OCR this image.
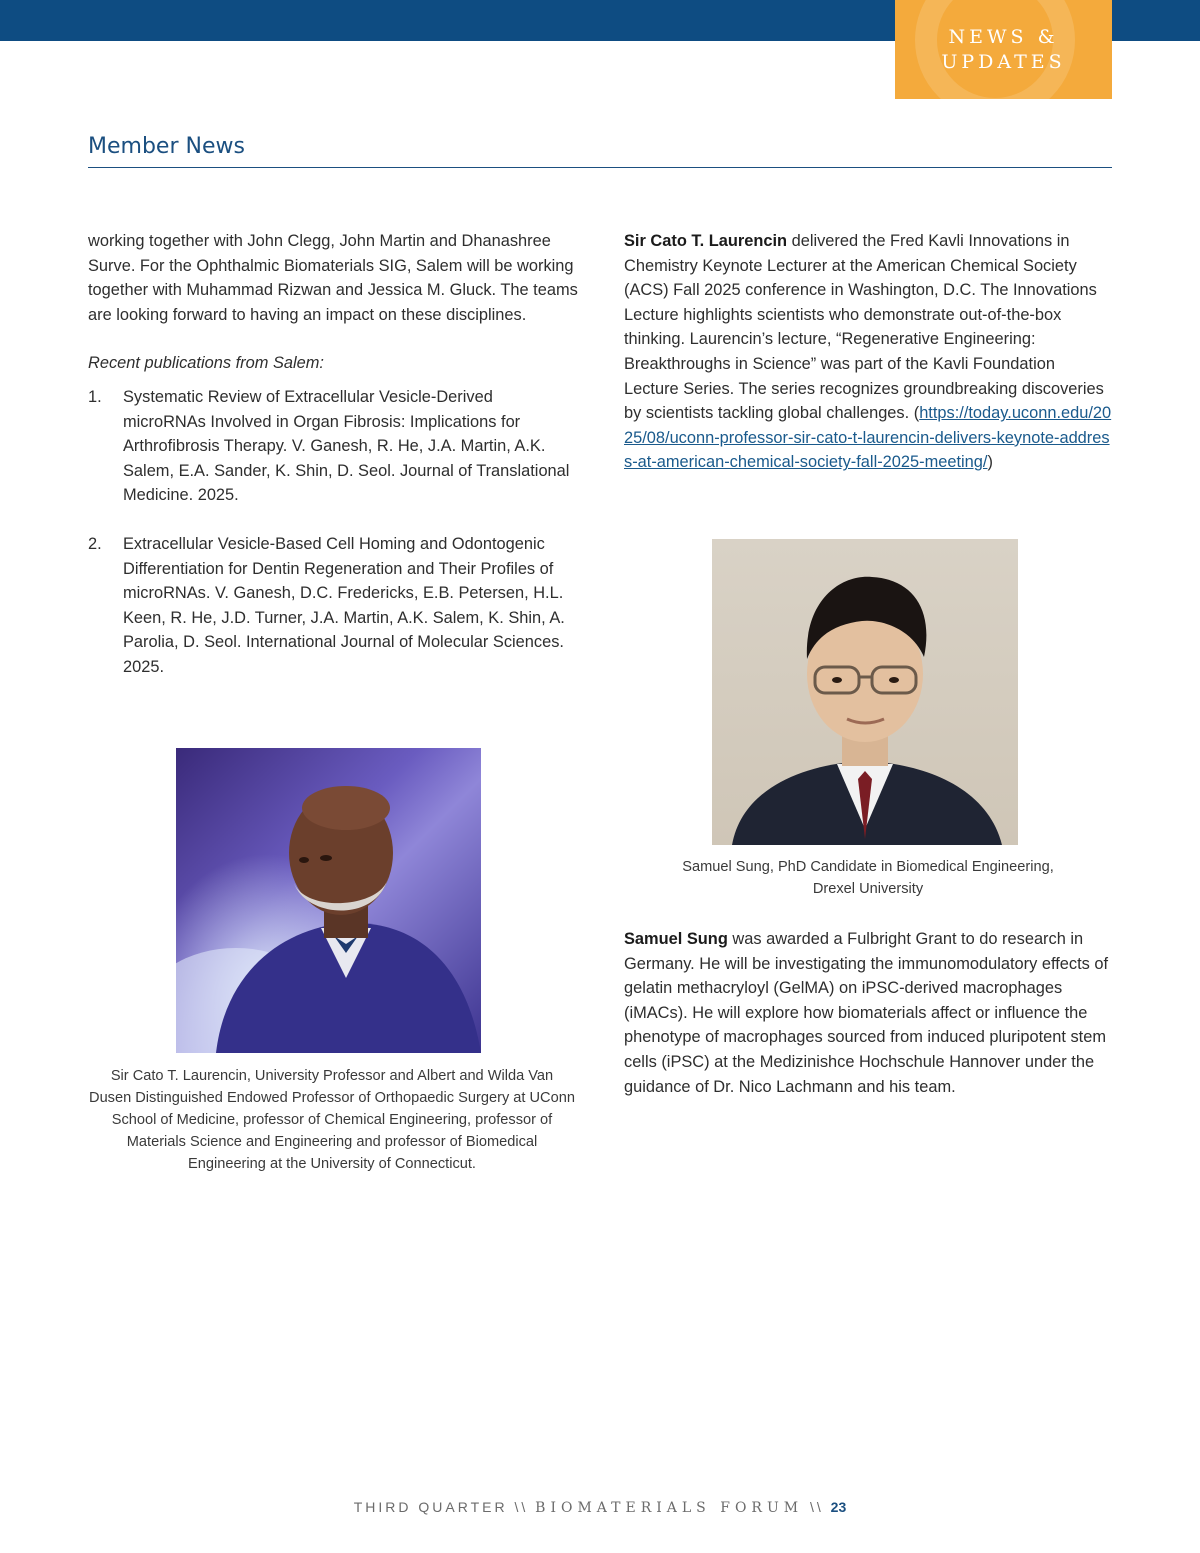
NEWS &
UPDATES
Member News

working together with John Clegg, John Martin and Dhanashree Surve. For the Ophthalmic Biomaterials SIG, Salem will be working together with Muhammad Rizwan and Jessica M. Gluck. The teams are looking forward to having an impact on these disciplines.

Recent publications from Salem:

1. Systematic Review of Extracellular Vesicle-Derived microRNAs Involved in Organ Fibrosis: Implications for Arthrofibrosis Therapy. V. Ganesh, R. He, J.A. Martin, A.K. Salem, E.A. Sander, K. Shin, D. Seol. Journal of Translational Medicine. 2025.
2. Extracellular Vesicle-Based Cell Homing and Odontogenic Differentiation for Dentin Regeneration and Their Profiles of microRNAs. V. Ganesh, D.C. Fredericks, E.B. Petersen, H.L. Keen, R. He, J.D. Turner, J.A. Martin, A.K. Salem, K. Shin, A. Parolia, D. Seol. International Journal of Molecular Sciences. 2025.
Sir Cato T. Laurencin, University Professor and Albert and Wilda Van Dusen Distinguished Endowed Professor of Orthopaedic Surgery at UConn School of Medicine, professor of Chemical Engineering, professor of Materials Science and Engineering and professor of Biomedical Engineering at the University of Connecticut.

Sir Cato T. Laurencin delivered the Fred Kavli Innovations in Chemistry Keynote Lecturer at the American Chemical Society (ACS) Fall 2025 conference in Washington, D.C. The Innovations Lecture highlights scientists who demonstrate out-of-the-box thinking. Laurencin’s lecture, “Regenerative Engineering: Breakthroughs in Science” was part of the Kavli Foundation Lecture Series. The series recognizes groundbreaking discoveries by scientists tackling global challenges. (https://today.uconn.edu/2025/08/uconn-professor-sir-cato-t-laurencin-delivers-keynote-address-at-american-chemical-society-fall-2025-meeting/)

Samuel Sung, PhD Candidate in Biomedical Engineering,
Drexel University

Samuel Sung was awarded a Fulbright Grant to do research in Germany. He will be investigating the immunomodulatory effects of gelatin methacryloyl (GelMA) on iPSC-derived macrophages (iMACs). He will explore how biomaterials affect or influence the phenotype of macrophages sourced from induced pluripotent stem cells (iPSC) at the Medizinishce Hochschule Hannover under the guidance of Dr. Nico Lachmann and his team.

THIRD QUARTER \\ BIOMATERIALS FORUM \\ 23
